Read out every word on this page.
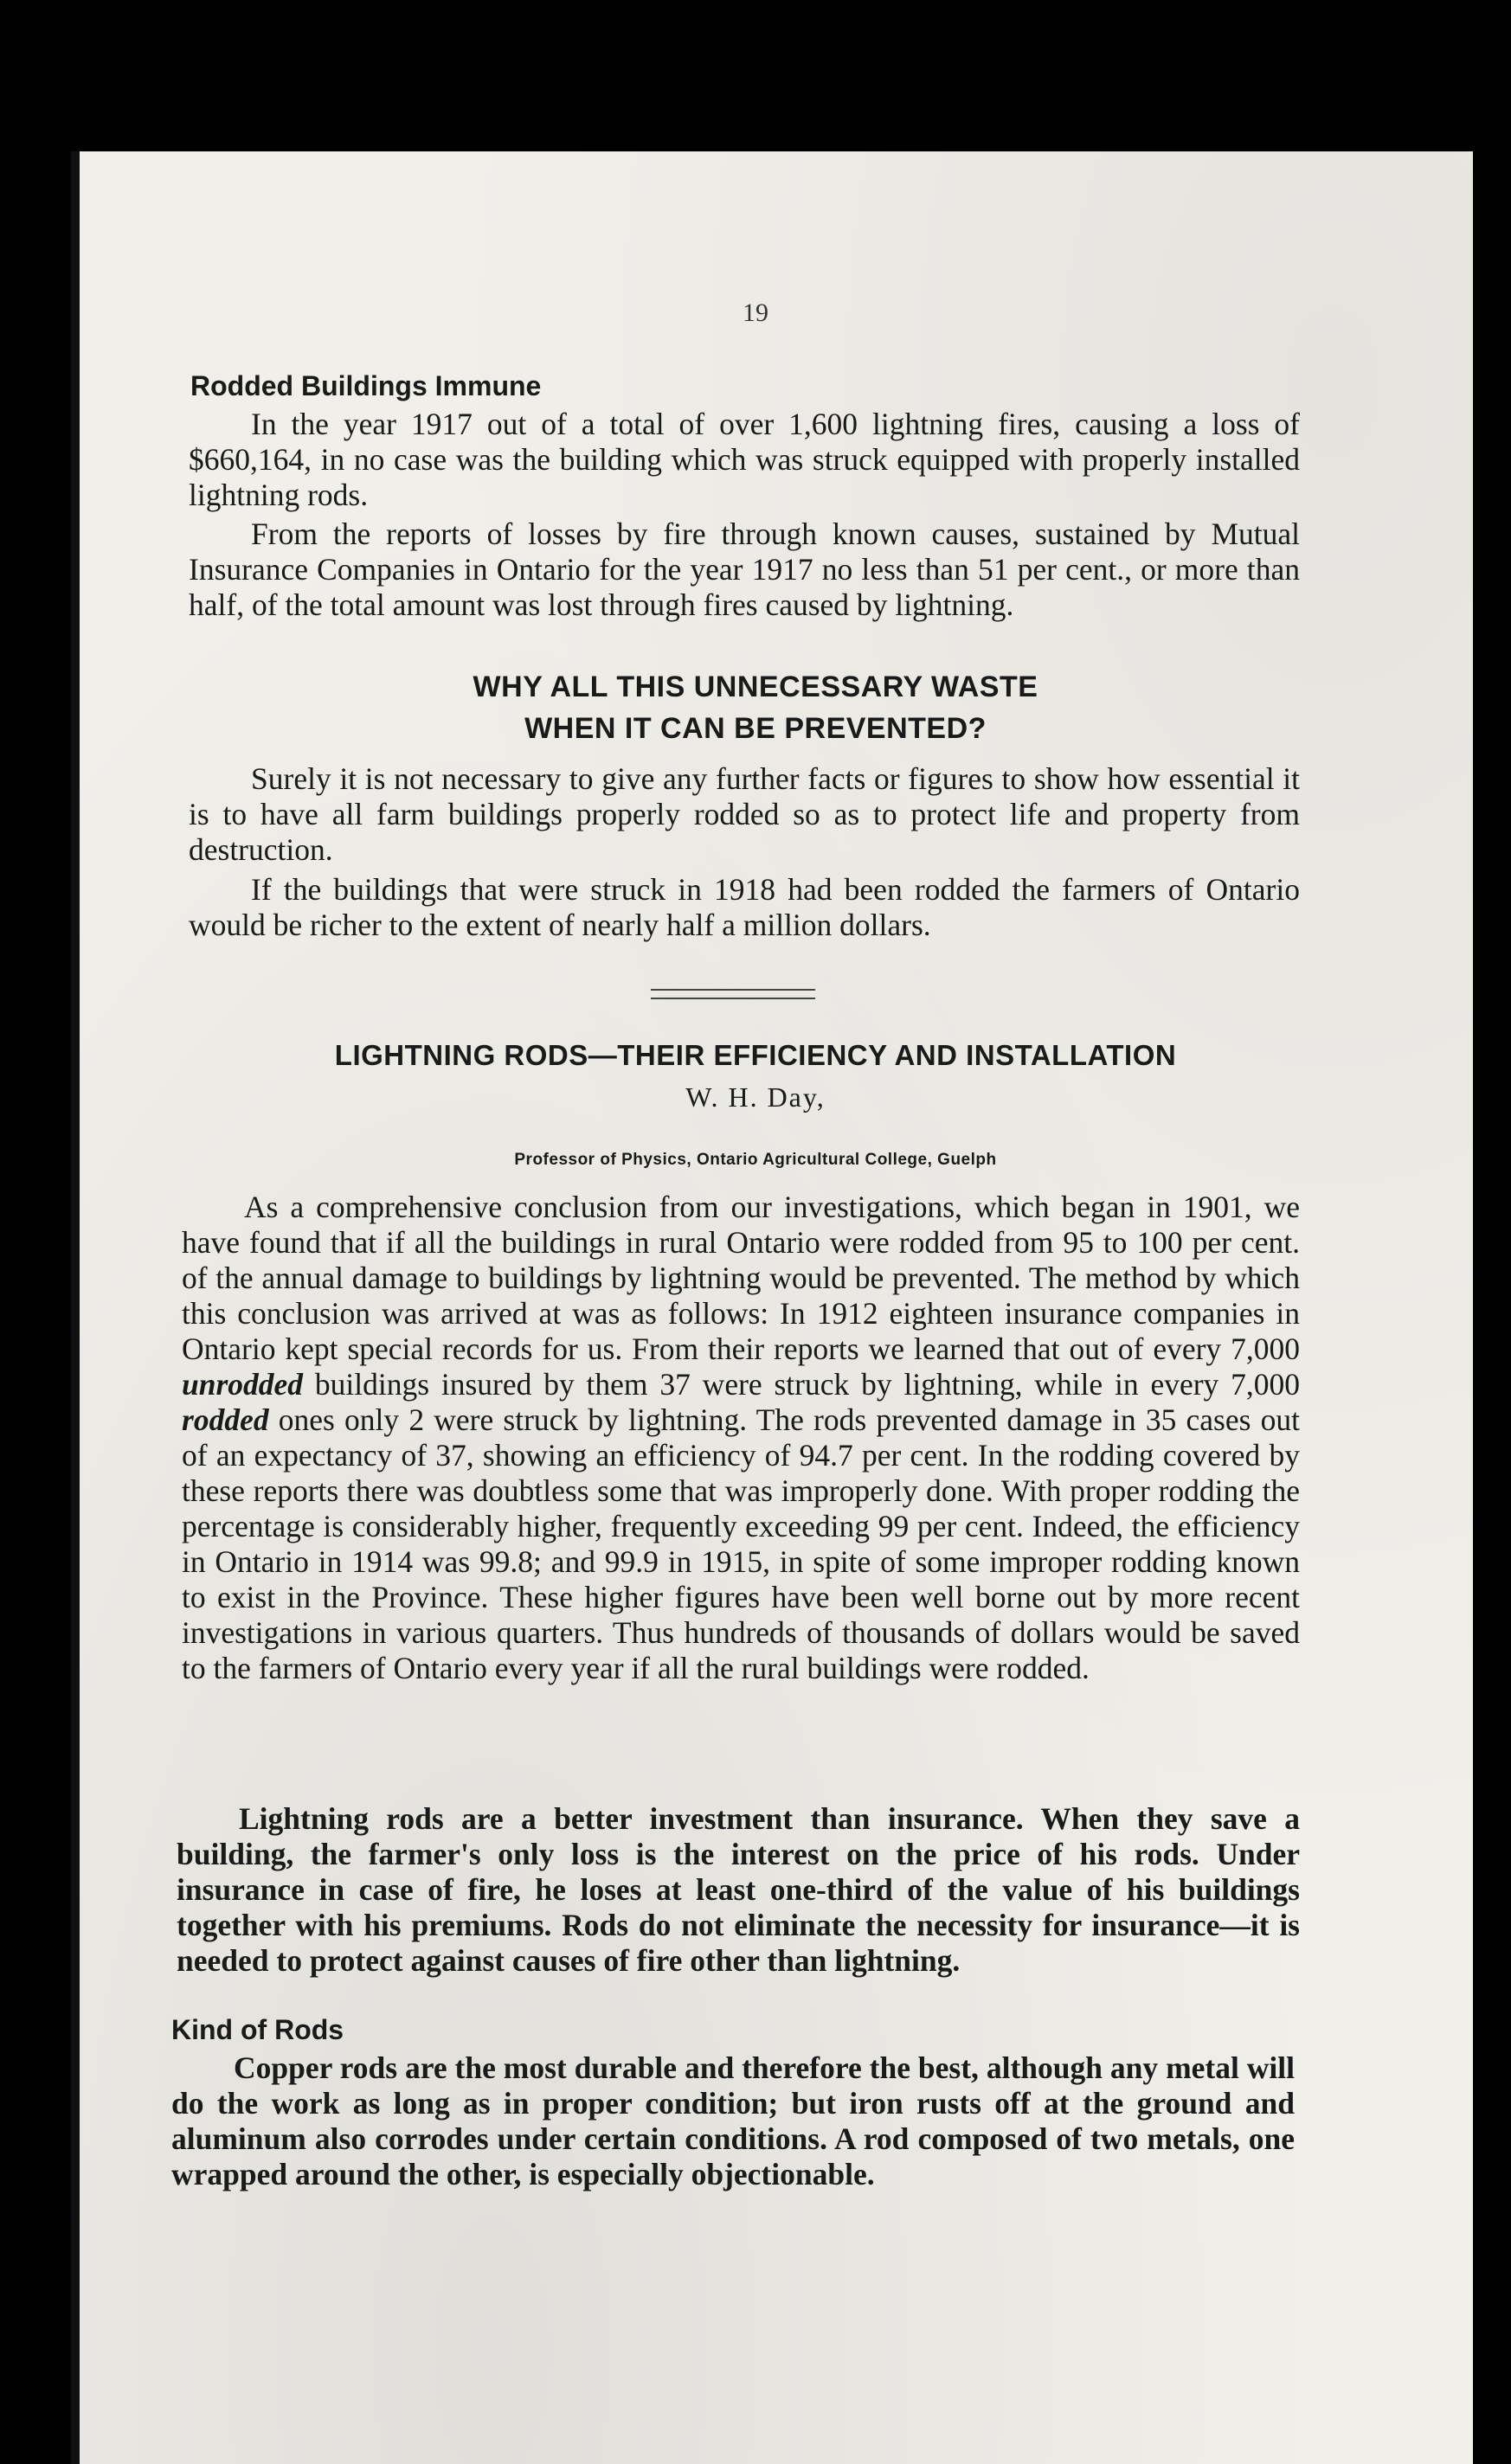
19
Rodded Buildings Immune
In the year 1917 out of a total of over 1,600 lightning fires, causing a loss of $660,164, in no case was the building which was struck equipped with properly installed lightning rods.
From the reports of losses by fire through known causes, sustained by Mutual Insurance Companies in Ontario for the year 1917 no less than 51 per cent., or more than half, of the total amount was lost through fires caused by lightning.
WHY ALL THIS UNNECESSARY WASTE
WHEN IT CAN BE PREVENTED?
Surely it is not necessary to give any further facts or figures to show how essential it is to have all farm buildings properly rodded so as to protect life and property from destruction.
If the buildings that were struck in 1918 had been rodded the farmers of Ontario would be richer to the extent of nearly half a million dollars.
LIGHTNING RODS—THEIR EFFICIENCY AND INSTALLATION
W. H. Day,
Professor of Physics, Ontario Agricultural College, Guelph
As a comprehensive conclusion from our investigations, which began in 1901, we have found that if all the buildings in rural Ontario were rodded from 95 to 100 per cent. of the annual damage to buildings by lightning would be prevented. The method by which this conclusion was arrived at was as follows: In 1912 eighteen insurance companies in Ontario kept special records for us. From their reports we learned that out of every 7,000 unrodded buildings insured by them 37 were struck by lightning, while in every 7,000 rodded ones only 2 were struck by lightning. The rods prevented damage in 35 cases out of an expectancy of 37, showing an efficiency of 94.7 per cent. In the rodding covered by these reports there was doubtless some that was improperly done. With proper rodding the percentage is considerably higher, frequently exceeding 99 per cent. Indeed, the efficiency in Ontario in 1914 was 99.8; and 99.9 in 1915, in spite of some improper rodding known to exist in the Province. These higher figures have been well borne out by more recent investigations in various quarters. Thus hundreds of thousands of dollars would be saved to the farmers of Ontario every year if all the rural buildings were rodded.
Lightning rods are a better investment than insurance. When they save a building, the farmer's only loss is the interest on the price of his rods. Under insurance in case of fire, he loses at least one-third of the value of his buildings together with his premiums. Rods do not eliminate the necessity for insurance—it is needed to protect against causes of fire other than lightning.
Kind of Rods
Copper rods are the most durable and therefore the best, although any metal will do the work as long as in proper condition; but iron rusts off at the ground and aluminum also corrodes under certain conditions. A rod composed of two metals, one wrapped around the other, is especially objectionable.
